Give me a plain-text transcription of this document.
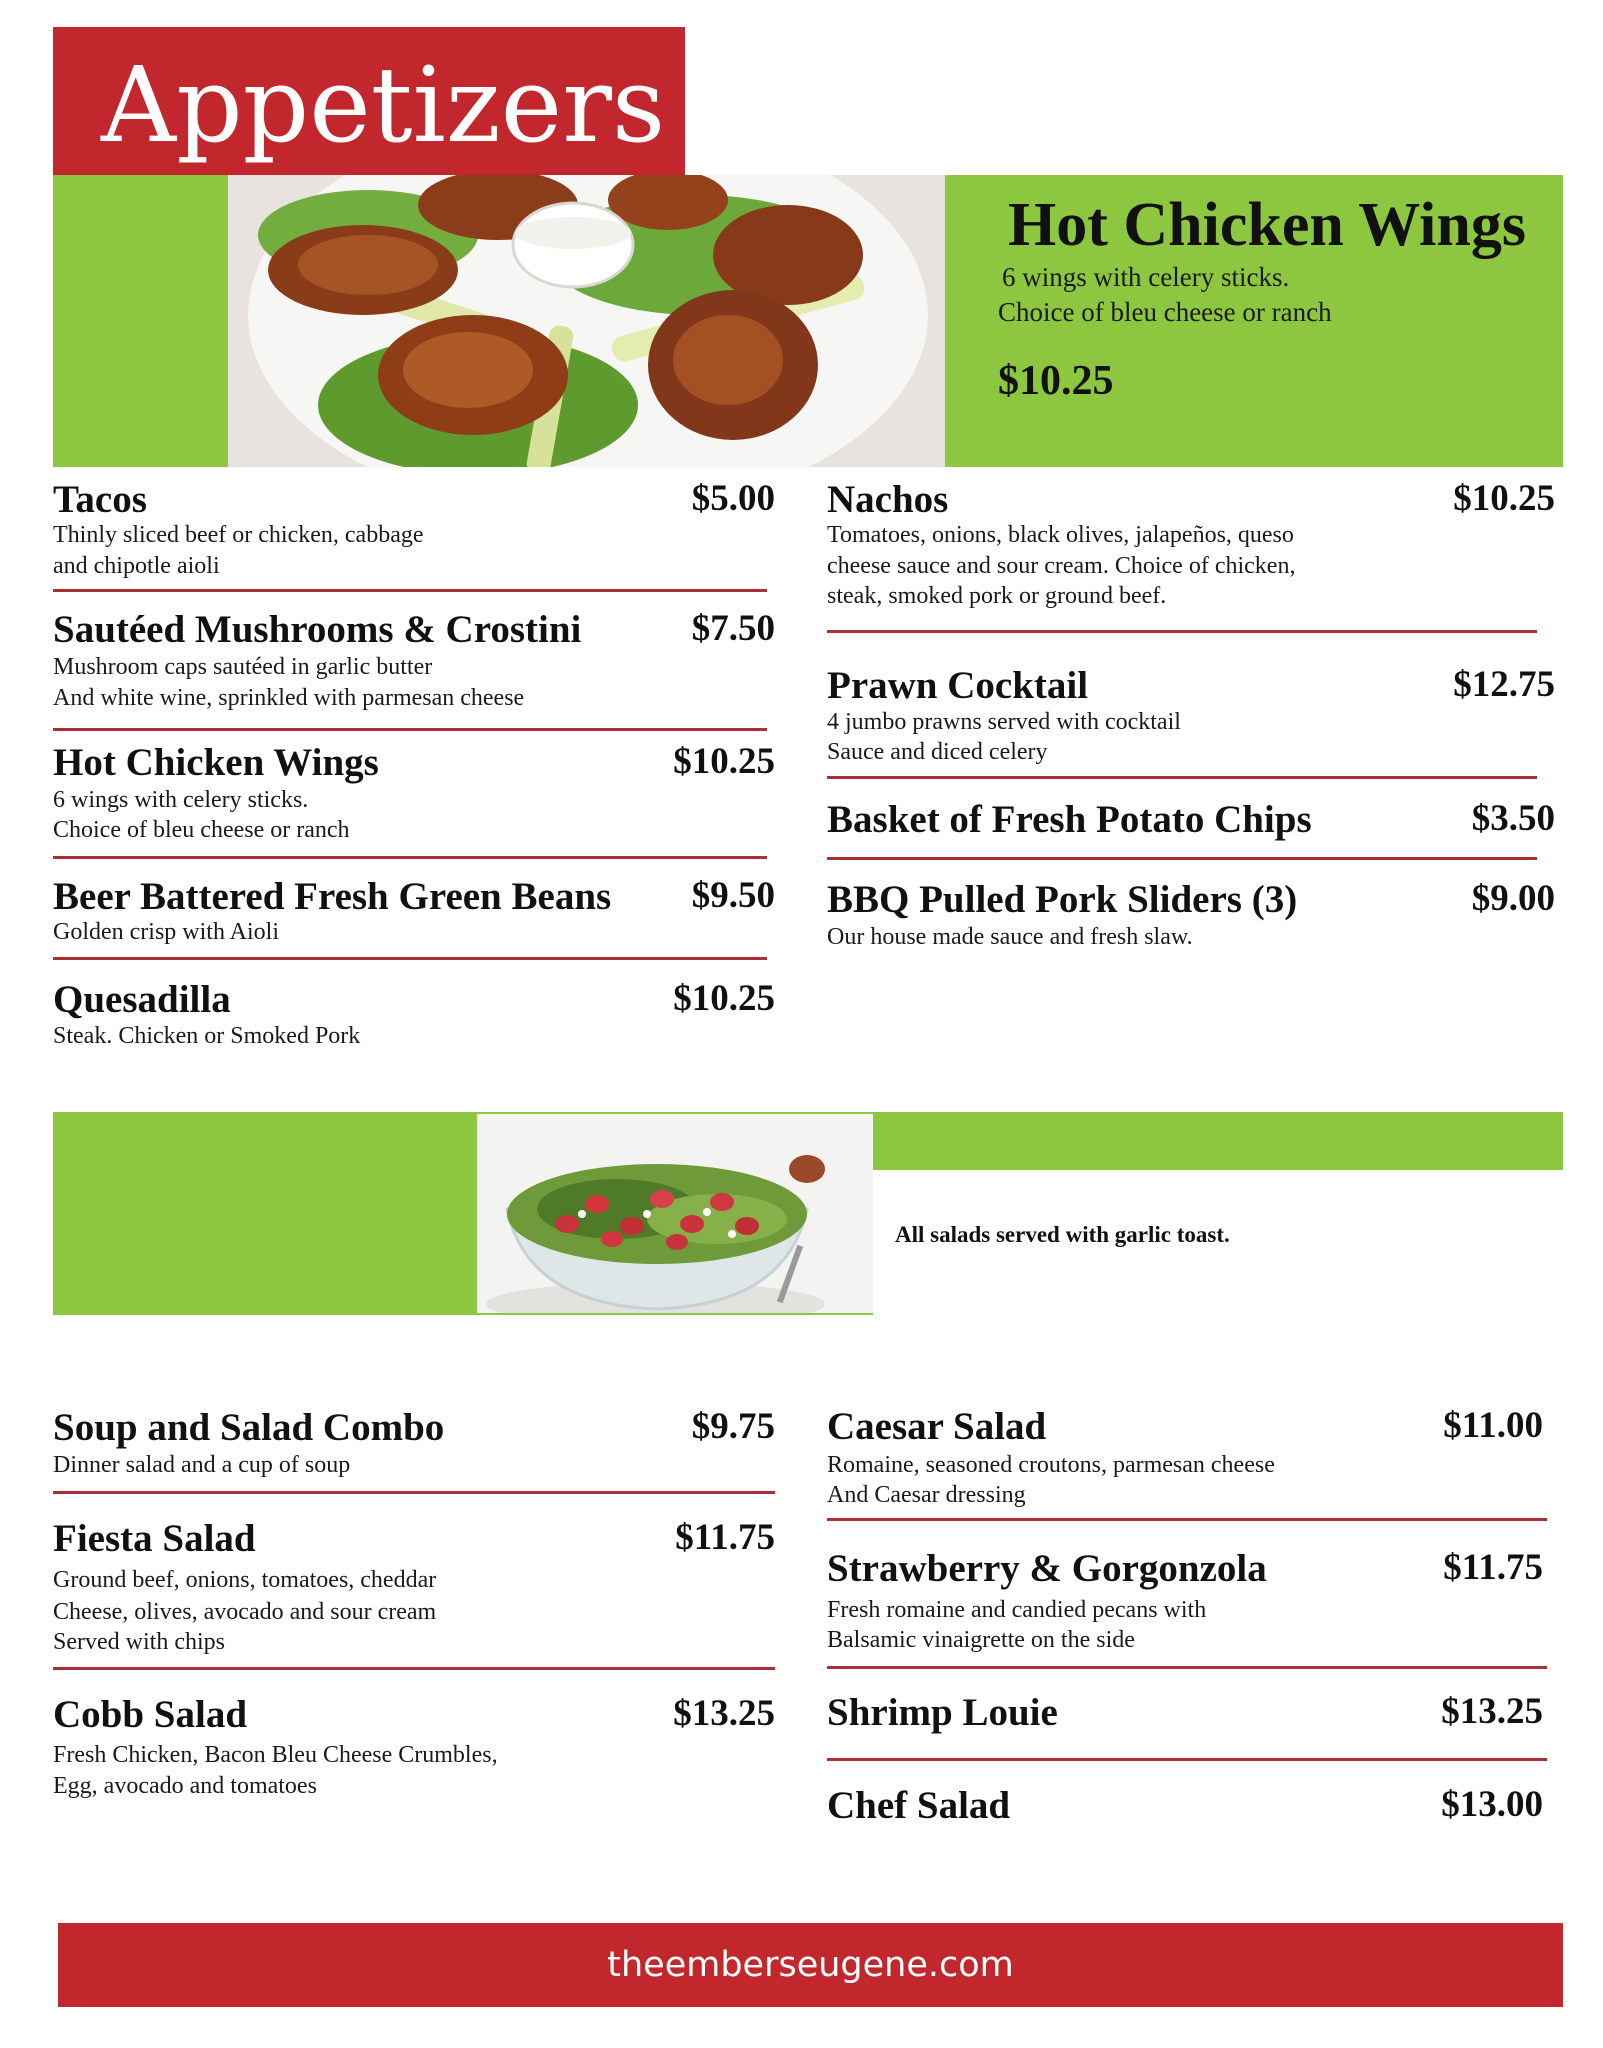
Appetizers
Hot Chicken Wings
6 wings with celery sticks.
Choice of bleu cheese or ranch
$10.25
Tacos	$5.00
Thinly sliced beef or chicken, cabbage
and chipotle aioli
Sautéed Mushrooms & Crostini	$7.50
Mushroom caps sautéed in garlic butter
And white wine, sprinkled with parmesan cheese
Hot Chicken Wings	$10.25
6 wings with celery sticks.
Choice of bleu cheese or ranch
Beer Battered Fresh Green Beans	$9.50
Golden crisp with Aioli
Quesadilla	$10.25
Steak. Chicken or Smoked Pork
Nachos	$10.25
Tomatoes, onions, black olives, jalapeños, queso
cheese sauce and sour cream. Choice of chicken,
steak, smoked pork or ground beef.
Prawn Cocktail	$12.75
4 jumbo prawns served with cocktail
Sauce and diced celery
Basket of Fresh Potato Chips	$3.50
BBQ Pulled Pork Sliders (3)	$9.00
Our house made sauce and fresh slaw.
All salads served with garlic toast.
Soup and Salad Combo	$9.75
Dinner salad and a cup of soup
Fiesta Salad	$11.75
Ground beef, onions, tomatoes, cheddar
Cheese, olives, avocado and sour cream
Served with chips
Cobb Salad	$13.25
Fresh Chicken, Bacon Bleu Cheese Crumbles,
Egg, avocado and tomatoes
Caesar Salad	$11.00
Romaine, seasoned croutons, parmesan cheese
And Caesar dressing
Strawberry & Gorgonzola	$11.75
Fresh romaine and candied pecans with
Balsamic vinaigrette on the side
Shrimp Louie	$13.25
Chef Salad	$13.00
theemberseugene.com
